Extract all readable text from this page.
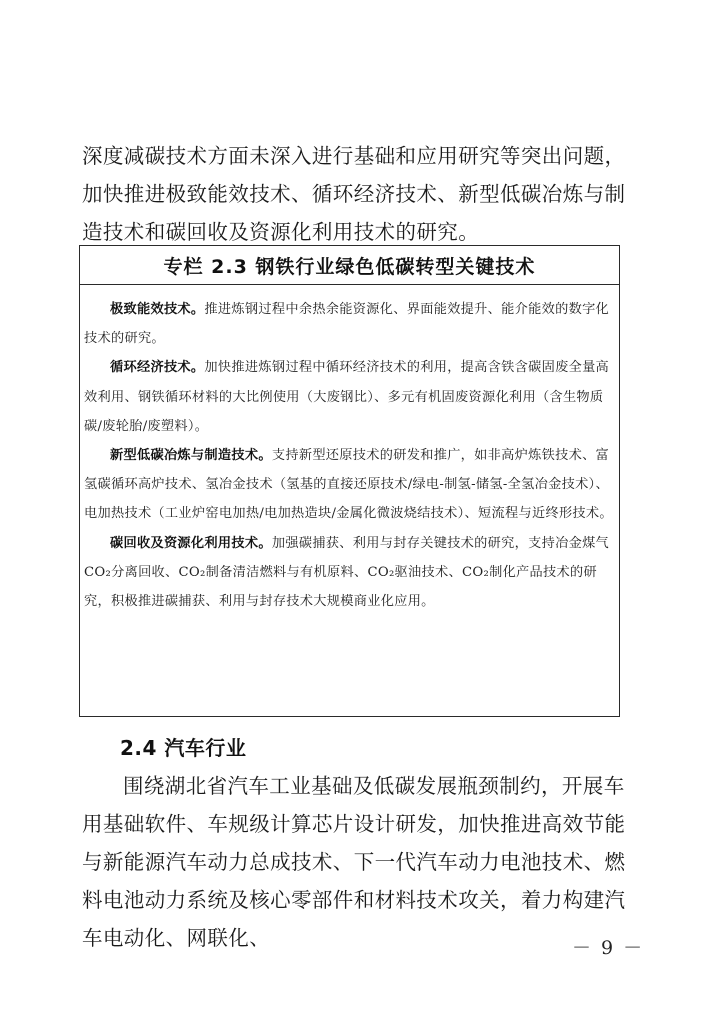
深度减碳技术方面未深入进行基础和应用研究等突出问题，加快推进极致能效技术、循环经济技术、新型低碳冶炼与制造技术和碳回收及资源化利用技术的研究。

专栏 2.3 钢铁行业绿色低碳转型关键技术

极致能效技术。推进炼钢过程中余热余能资源化、界面能效提升、能介能效的数字化技术的研究。

循环经济技术。加快推进炼钢过程中循环经济技术的利用，提高含铁含碳固废全量高效利用、钢铁循环材料的大比例使用（大废钢比）、多元有机固废资源化利用（含生物质碳/废轮胎/废塑料）。

新型低碳冶炼与制造技术。支持新型还原技术的研发和推广，如非高炉炼铁技术、富氢碳循环高炉技术、氢冶金技术（氢基的直接还原技术/绿电-制氢-储氢-全氢冶金技术）、电加热技术（工业炉窑电加热/电加热造块/金属化微波烧结技术）、短流程与近终形技术。

碳回收及资源化利用技术。加强碳捕获、利用与封存关键技术的研究，支持冶金煤气CO₂分离回收、CO₂制备清洁燃料与有机原料、CO₂驱油技术、CO₂制化产品技术的研究，积极推进碳捕获、利用与封存技术大规模商业化应用。

2.4 汽车行业

围绕湖北省汽车工业基础及低碳发展瓶颈制约，开展车用基础软件、车规级计算芯片设计研发，加快推进高效节能与新能源汽车动力总成技术、下一代汽车动力电池技术、燃料电池动力系统及核心零部件和材料技术攻关，着力构建汽车电动化、网联化、	－ 9 －
